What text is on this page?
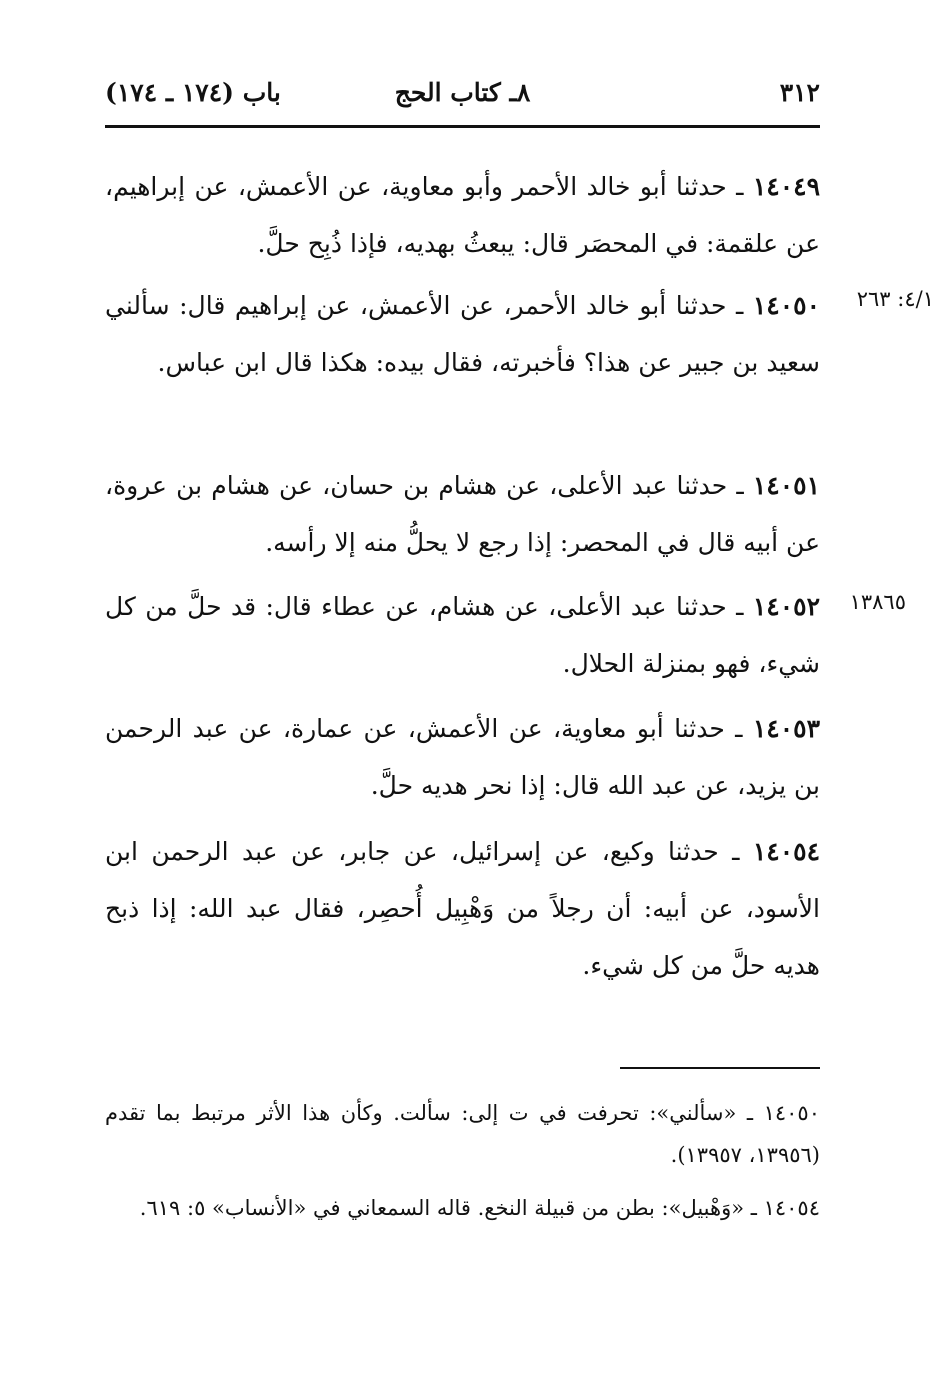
٣١٢
٨ـ كتاب الحج
باب (١٧٤ ـ ١٧٤)

١٤٠٤٩ ـ حدثنا أبو خالد الأحمر وأبو معاوية، عن الأعمش، عن إبراهيم، عن علقمة: في المحصَر قال: يبعثُ بهديه، فإذا ذُبِح حلَّ.

١٤٠٥٠ ـ حدثنا أبو خالد الأحمر، عن الأعمش، عن إبراهيم قال: سألني سعيد بن جبير عن هذا؟ فأخبرته، فقال بيده: هكذا قال ابن عباس.

١٤٠٥١ ـ حدثنا عبد الأعلى، عن هشام بن حسان، عن هشام بن عروة، عن أبيه قال في المحصر: إذا رجع لا يحلُّ منه إلا رأسه.

١٤٠٥٢ ـ حدثنا عبد الأعلى، عن هشام، عن عطاء قال: قد حلَّ من كل شيء، فهو بمنزلة الحلال.

١٤٠٥٣ ـ حدثنا أبو معاوية، عن الأعمش، عن عمارة، عن عبد الرحمن بن يزيد، عن عبد الله قال: إذا نحر هديه حلَّ.

١٤٠٥٤ ـ حدثنا وكيع، عن إسرائيل، عن جابر، عن عبد الرحمن ابن الأسود، عن أبيه: أن رجلاً من وَهْبِيل أُحصِر، فقال عبد الله: إذا ذبح هديه حلَّ من كل شيء.

٤/١: ٢٦٣
١٣٨٦٥

١٤٠٥٠ ـ «سألني»: تحرفت في ت إلى: سألت. وكأن هذا الأثر مرتبط بما تقدم (١٣٩٥٦، ١٣٩٥٧).

١٤٠٥٤ ـ «وَهْبيل»: بطن من قبيلة النخع. قاله السمعاني في «الأنساب» ٥: ٦١٩.
